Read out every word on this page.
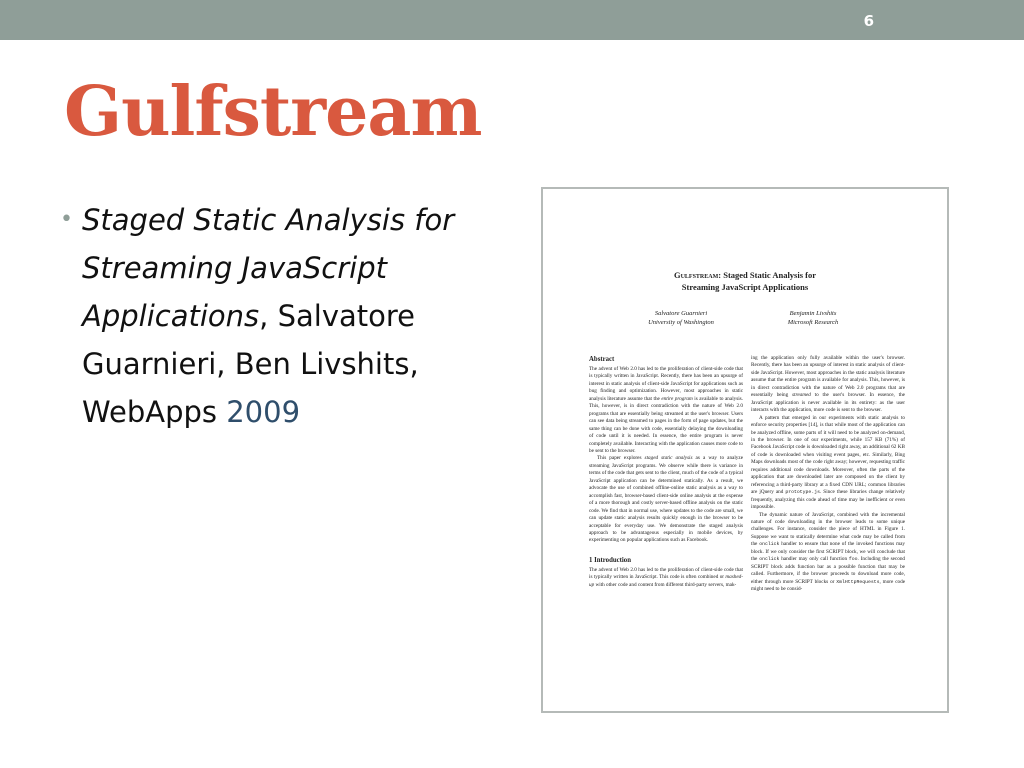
6
Gulfstream
• Staged Static Analysis for Streaming JavaScript Applications, Salvatore Guarnieri, Ben Livshits, WebApps 2009
Gulfstream: Staged Static Analysis for
Streaming JavaScript Applications
Salvatore Guarnieri
University of Washington
Benjamin Livshits
Microsoft Research
Abstract

The advent of Web 2.0 has led to the proliferation of client-side code that is typically written in JavaScript. Recently, there has been an upsurge of interest in static analysis of client-side JavaScript for applications such as bug finding and optimization. However, most approaches in static analysis literature assume that the entire program is available to analysis. This, however, is in direct contradiction with the nature of Web 2.0 programs that are essentially being streamed at the user's browser. Users can see data being streamed to pages in the form of page updates, but the same thing can be done with code, essentially delaying the downloading of code until it is needed. In essence, the entire program is never completely available. Interacting with the application causes more code to be sent to the browser.

This paper explores staged static analysis as a way to analyze streaming JavaScript programs. We observe while there is variance in terms of the code that gets sent to the client, much of the code of a typical JavaScript application can be determined statically. As a result, we advocate the use of combined offline-online static analysis as a way to accomplish fast, browser-based client-side online analysis at the expense of a more thorough and costly server-based offline analysis on the static code. We find that in normal use, where updates to the code are small, we can update static analysis results quickly enough in the browser to be acceptable for everyday use. We demonstrate the staged analysis approach to be advantageous especially in mobile devices, by experimenting on popular applications such as Facebook.

1 Introduction

The advent of Web 2.0 has led to the proliferation of client-side code that is typically written in JavaScript. This code is often combined or mashed-up with other code and content from different third-party servers, mak-

ing the application only fully available within the user's browser. Recently, there has been an upsurge of interest in static analysis of client-side JavaScript. However, most approaches in the static analysis literature assume that the entire program is available for analysis. This, however, is in direct contradiction with the nature of Web 2.0 programs that are essentially being streamed to the user's browser. In essence, the JavaScript application is never available in its entirety: as the user interacts with the application, more code is sent to the browser.

A pattern that emerged in our experiments with static analysis to enforce security properties [14], is that while most of the application can be analyzed offline, some parts of it will need to be analyzed on-demand, in the browser. In one of our experiments, while 157 KB (71%) of Facebook JavaScript code is downloaded right away, an additional 62 KB of code is downloaded when visiting event pages, etc. Similarly, Bing Maps downloads most of the code right away; however, requesting traffic requires additional code downloads. Moreover, often the parts of the application that are downloaded later are composed on the client by referencing a third-party library at a fixed CDN URL; common libraries are jQuery and prototype.js. Since these libraries change relatively frequently, analyzing this code ahead of time may be inefficient or even impossible.

The dynamic nature of JavaScript, combined with the incremental nature of code downloading in the browser leads to some unique challenges. For instance, consider the piece of HTML in Figure 1. Suppose we want to statically determine what code may be called from the onclick handler to ensure that none of the invoked functions may block. If we only consider the first SCRIPT block, we will conclude that the onclick handler may only call function foo. Including the second SCRIPT block adds function bar as a possible function that may be called. Furthermore, if the browser proceeds to download more code, either through more SCRIPT blocks or XmlHttpRequests, more code might need to be consid-
